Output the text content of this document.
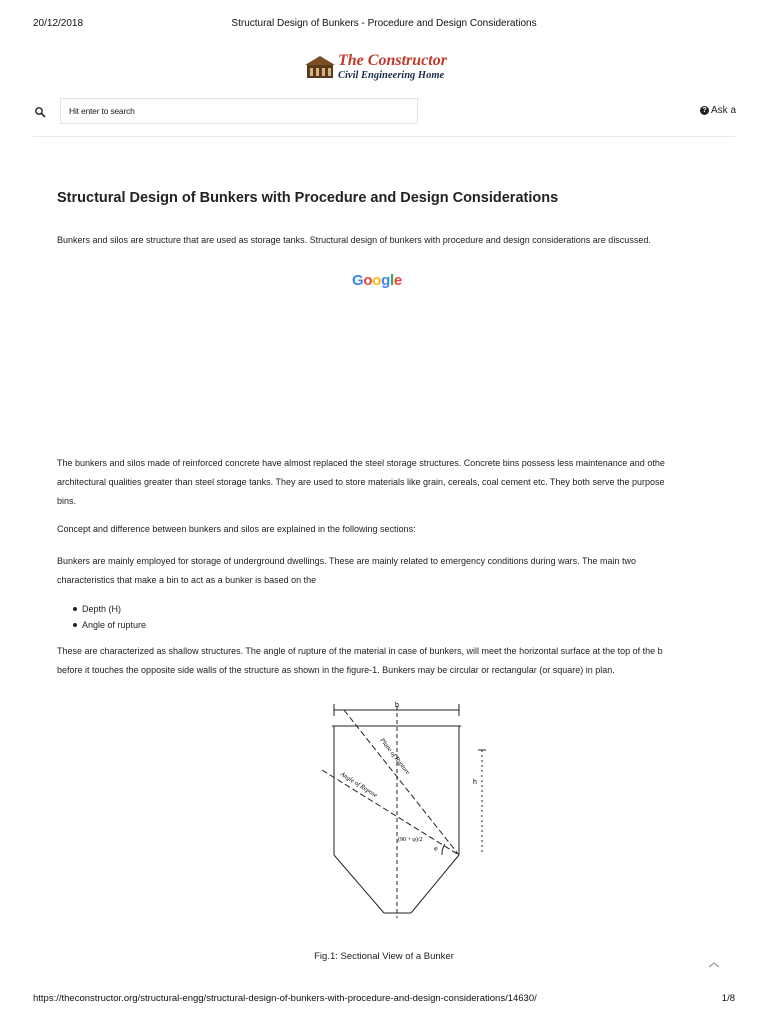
20/12/2018	Structural Design of Bunkers - Procedure and Design Considerations
The Constructor
Civil Engineering Home
Hit enter to search
? Ask a
Structural Design of Bunkers with Procedure and Design Considerations

Bunkers and silos are structure that are used as storage tanks. Structural design of bunkers with procedure and design considerations are discussed.

Google

The bunkers and silos made of reinforced concrete have almost replaced the steel storage structures. Concrete bins possess less maintenance and othe

architectural qualities greater than steel storage tanks. They are used to store materials like grain, cereals, coal cement etc. They both serve the purpose

bins.

Concept and difference between bunkers and silos are explained in the following sections:

Bunkers are mainly employed for storage of underground dwellings. These are mainly related to emergency conditions during wars. The main two

characteristics that make a bin to act as a bunker is based on the

Depth (H)
Angle of rupture

These are characterized as shallow structures. The angle of rupture of the material in case of bunkers, will meet the horizontal surface at the top of the b

before it touches the opposite side walls of the structure as shown in the figure-1. Bunkers may be circular or rectangular (or square) in plan.

b
h
Plane of Rupture
Angle of Repose
(90 + φ)/2
φ
Fig.1: Sectional View of a Bunker
https://theconstructor.org/structural-engg/structural-design-of-bunkers-with-procedure-and-design-considerations/14630/	1/8
